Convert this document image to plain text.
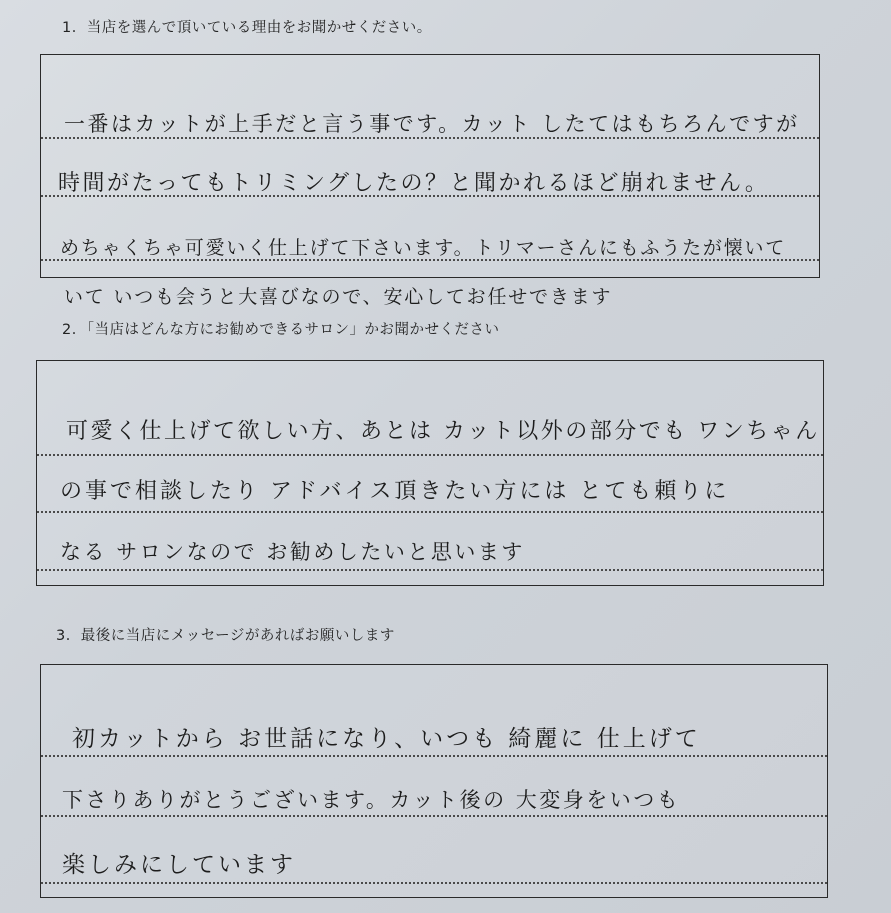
1．当店を選んで頂いている理由をお聞かせください。
一番はカットが上手だと言う事です。カット したてはもちろんですが
時間がたってもトリミングしたの？と聞かれるほど崩れません。
めちゃくちゃ可愛いく仕上げて下さいます。トリマーさんにもふうたが懐いて
いて いつも会うと大喜びなので、安心してお任せできます
2．「当店はどんな方にお勧めできるサロン」かお聞かせください
可愛く仕上げて欲しい方、あとは カット以外の部分でも ワンちゃん
の事で相談したり アドバイス頂きたい方には とても頼りに
なる サロンなので お勧めしたいと思います
3．最後に当店にメッセージがあればお願いします
初カットから お世話になり、いつも 綺麗に 仕上げて
下さりありがとうございます。カット後の 大変身をいつも
楽しみにしています
